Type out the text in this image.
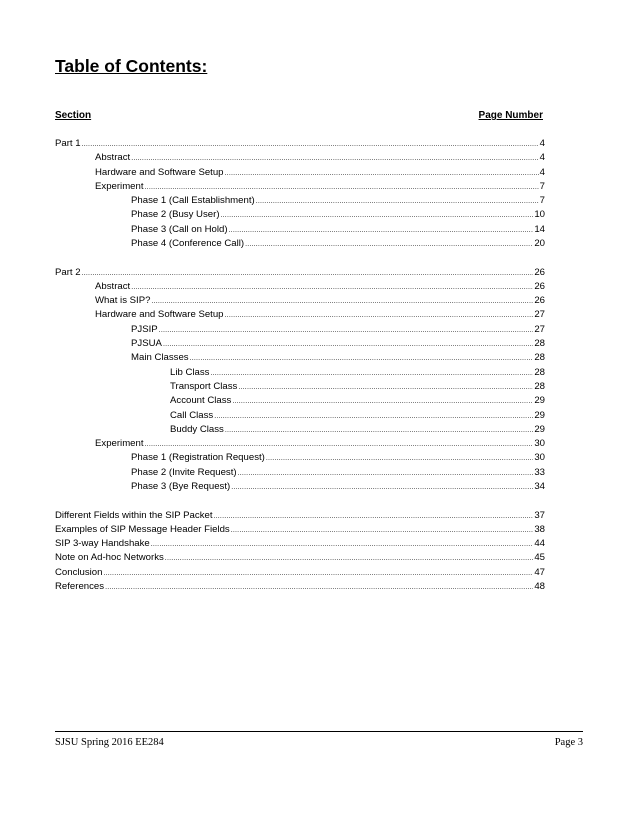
Table of Contents:
Section	Page Number
Part 1 .....	4
Abstract .....	4
Hardware and Software Setup .....	4
Experiment .....	7
Phase 1 (Call Establishment) .....	7
Phase 2 (Busy User) .....	10
Phase 3 (Call on Hold) .....	14
Phase 4 (Conference Call) .....	20
Part 2 .....	26
Abstract .....	26
What is SIP? .....	26
Hardware and Software Setup .....	27
PJSIP .....	27
PJSUA .....	28
Main Classes .....	28
Lib Class .....	28
Transport Class .....	28
Account Class .....	29
Call Class .....	29
Buddy Class .....	29
Experiment .....	30
Phase 1 (Registration Request) .....	30
Phase 2 (Invite Request) .....	33
Phase 3 (Bye Request) .....	34
Different Fields within the SIP Packet .....	37
Examples of SIP Message Header Fields .....	38
SIP 3-way Handshake .....	44
Note on Ad-hoc Networks .....	45
Conclusion .....	47
References .....	48
SJSU Spring 2016 EE284	Page 3
